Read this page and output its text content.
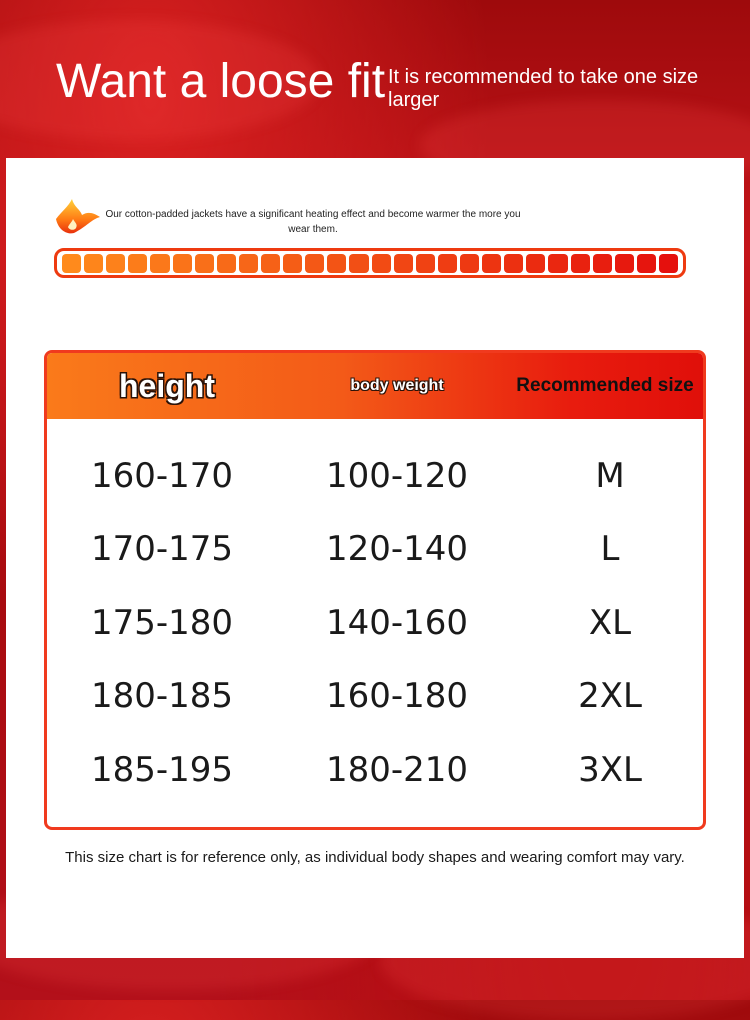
Want a loose fit It is recommended to take one size larger
Our cotton-padded jackets have a significant heating effect and become warmer the more you wear them.
height	body weight	Recommended size
160-170	100-120	M
170-175	120-140	L
175-180	140-160	XL
180-185	160-180	2XL
185-195	180-210	3XL
This size chart is for reference only, as individual body shapes and wearing comfort may vary.
